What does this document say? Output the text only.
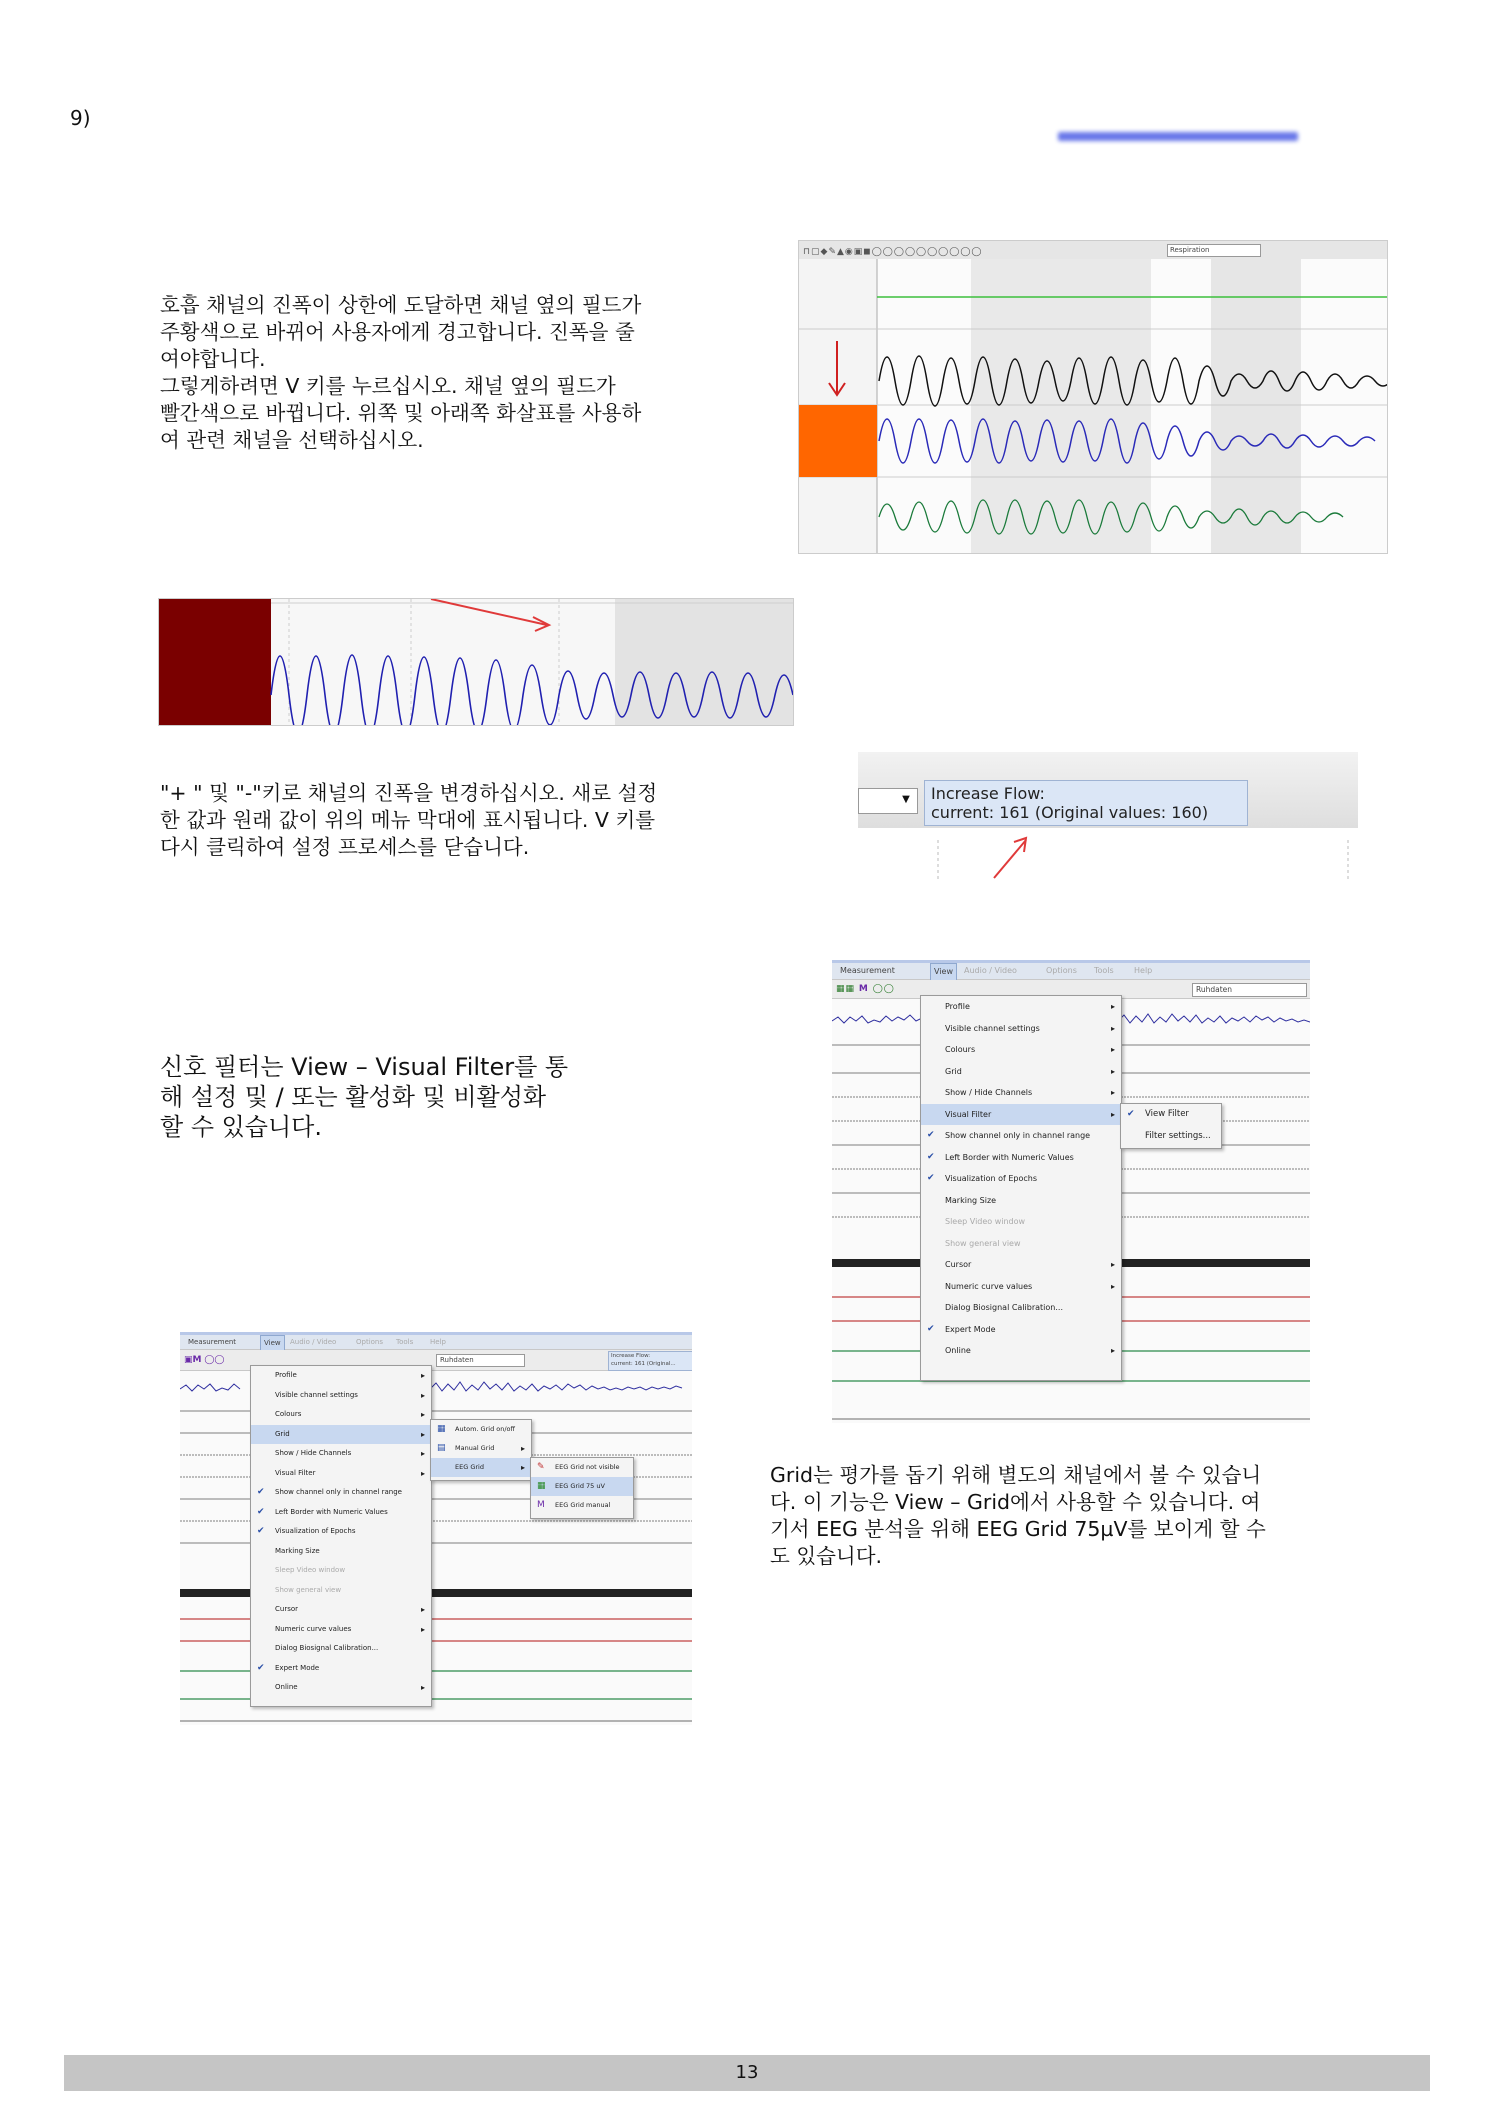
9)
호흡 채널의 진폭이 상한에 도달하면 채널 옆의 필드가
주황색으로 바뀌어 사용자에게 경고합니다. 진폭을 줄
여야합니다.
그렇게하려면 V 키를 누르십시오. 채널 옆의 필드가
빨간색으로 바뀝니다. 위쪽 및 아래쪽 화살표를 사용하
여 관련 채널을 선택하십시오.
⊓▢◆✎▲◉▣◼◯◯◯◯◯◯◯◯◯◯	Respiration
"+ " 및 "-"키로 채널의 진폭을 변경하십시오. 새로 설정
한 값과 원래 값이 위의 메뉴 막대에 표시됩니다. V 키를
다시 클릭하여 설정 프로세스를 닫습니다.
▼ Increase Flow:
current: 161 (Original values: 160)
신호 필터는 View – Visual Filter를 통
해 설정 및 / 또는 활성화 및 비활성화
할 수 있습니다.
Measurement	View	Audio / Video	Options Tools	Help
▦▦ M ◯◯	Ruhdaten
Profile	▸
Visible channel settings	▸
Colours	▸
Grid	▸
Show / Hide Channels	▸
Visual Filter	▸
✔ Show channel only in channel range
✔ Left Border with Numeric Values
✔ Visualization of Epochs
Marking Size
Sleep Video window
Show general view
Cursor	▸
Numeric curve values	▸
Dialog Biosignal Calibration...
✔ Expert Mode
Online	▸
✔ View Filter
Filter settings...
Measurement	View	Audio / Video	Options Tools Help
▣M ◯◯	Ruhdaten	Increase Flow:
current: 161 (Original...
Profile	▸
Visible channel settings	▸
Colours	▸
Grid	▸
Show / Hide Channels	▸
Visual Filter	▸
✔ Show channel only in channel range
✔ Left Border with Numeric Values
✔ Visualization of Epochs
Marking Size
Sleep Video window
Show general view
Cursor	▸
Numeric curve values	▸
Dialog Biosignal Calibration...
✔ Expert Mode
Online	▸
▦ Autom. Grid on/off
▤ Manual Grid	▸
EEG Grid	▸ ✎ EEG Grid not visible
▦ EEG Grid 75 uV
M EEG Grid manual
Grid는 평가를 돕기 위해 별도의 채널에서 볼 수 있습니
다. 이 기능은 View – Grid에서 사용할 수 있습니다. 여
기서 EEG 분석을 위해 EEG Grid 75µV를 보이게 할 수
도 있습니다.
13
